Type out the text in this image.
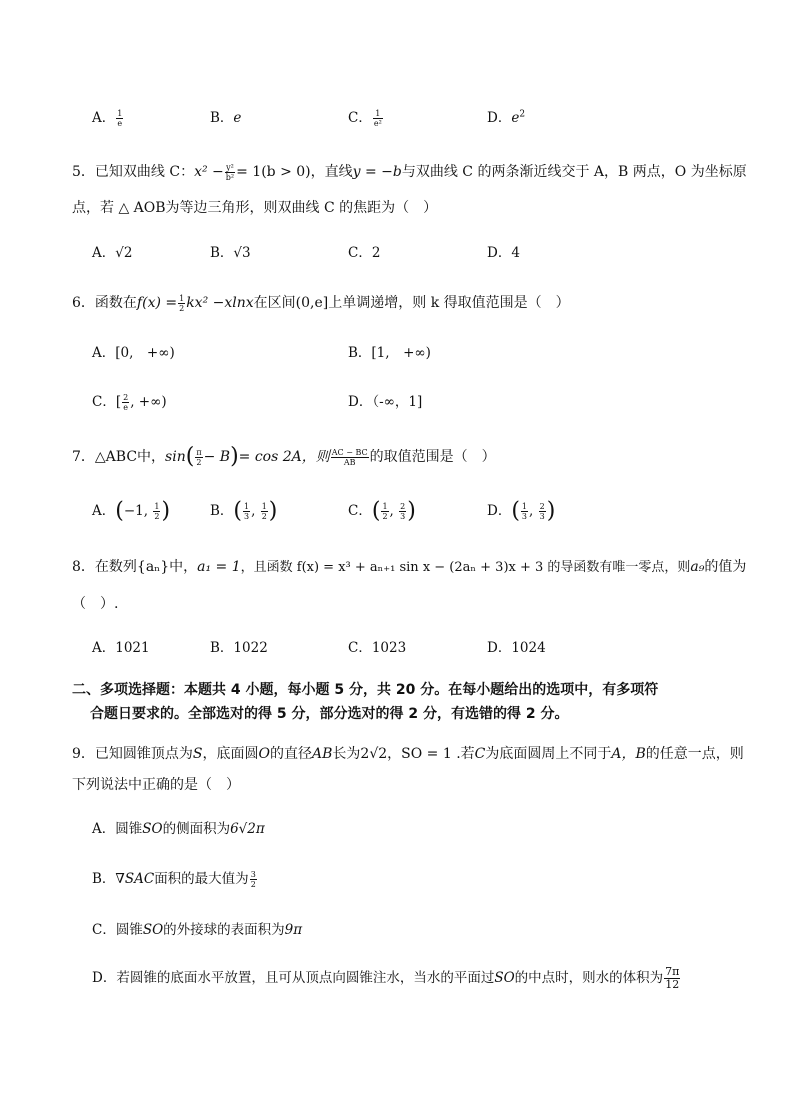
A． $\frac{1}{e}$	B．e	C． $\frac{1}{\text{e²}}$	D．$e^2$
5．已知双曲线 C：$x^2 - \frac{\text{y²}}{\text{b²}} = 1(b > 0)$，直线y = −b与双曲线 C 的两条渐近线交于 A，B 两点，O 为坐标原
点，若 △ AOB为等边三角形，则双曲线 C 的焦距为（　）
A．√2	B．√3	C．2	D．4
6．函数在$f(x) = \frac{1}{2} kx^2 -xlnx$在区间(0,e]上单调递增，则 k 得取值范围是（　）
A．[0,　+∞)	B．[1,　+∞)
C．[ $\frac{2}{e}$ , +∞)	D．（-∞，1]
7．△ABC中，$\sin( \frac{\pi}{2} - B)= \cos 2A$，则 $\frac{AC - BC}{AB}$ 的取值范围是（　）
A．(−1, $\frac{1}{2}$ )	B．( $\frac{1}{3}$ , $\frac{1}{2}$ )	C．( $\frac{1}{2}$ , $\frac{2}{3}$ )	D．( $\frac{1}{3}$ , $\frac{2}{3}$ )
8．在数列{aₙ}中，a₁ = 1，且函数 f(x) = x³ + aₙ₊₁ sin x − (2aₙ + 3)x + 3 的导函数有唯一零点，则a₉的值为
（　）.
A．1021	B．1022	C．1023	D．1024
二、多项选择题：本题共 4 小题，每小题 5 分，共 20 分。在每小题给出的选项中，有多项符
合题日要求的。全部选对的得 5 分，部分选对的得 2 分，有选错的得 2 分。
9．已知圆锥顶点为S，底面圆O的直径AB长为2√2，SO = 1 .若C为底面圆周上不同于A，B的任意一点，则
下列说法中正确的是（　）
A．圆锥SO的侧面积为6√2π
B．∇SAC面积的最大值为 $\frac{3}{2}$
C．圆锥SO的外接球的表面积为9π
D．若圆锥的底面水平放置，且可从顶点向圆锥注水，当水的平面过SO的中点时，则水的体积为 $\frac{7\pi}{12}$
